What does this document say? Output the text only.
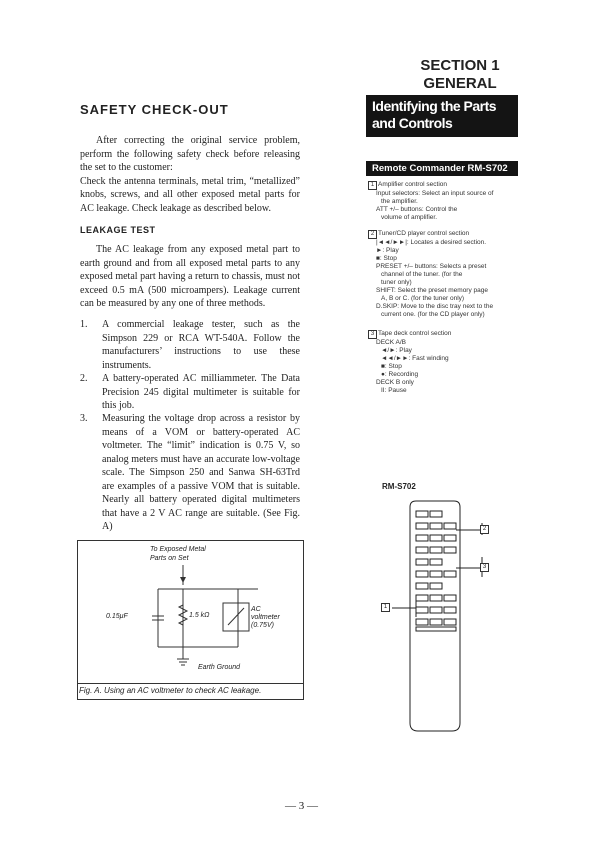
SECTION 1
GENERAL
SAFETY CHECK-OUT

After correcting the original service problem, perform the following safety check before releasing the set to the customer:

Check the antenna terminals, metal trim, “metallized” knobs, screws, and all other exposed metal parts for AC leakage. Check leakage as described below.

LEAKAGE TEST
The AC leakage from any exposed metal part to earth ground and from all exposed metal parts to any exposed metal part having a return to chassis, must not exceed 0.5 mA (500 microampers). Leakage current can be measured by any one of three methods.
1. A commercial leakage tester, such as the Simpson 229 or RCA WT-540A. Follow the manufacturers’ instructions to use these instruments.
2. A battery-operated AC milliammeter. The Data Precision 245 digital multimeter is suitable for this job.
3. Measuring the voltage drop across a resistor by means of a VOM or battery-operated AC voltmeter. The “limit” indication is 0.75 V, so analog meters must have an accurate low-voltage scale. The Simpson 250 and Sanwa SH-63Trd are examples of a passive VOM that is suitable. Nearly all battery operated digital multimeters that have a 2 V AC range are suitable. (See Fig. A)
To Exposed Metal
Parts on Set
0.15μF	1.5 kΩ
AC
voltmeter
(0.75V)
Earth Ground
Fig. A. Using an AC voltmeter to check AC leakage.
Identifying the Parts
and Controls
Remote Commander RM-S702
1 Amplifier control section
Input selectors: Select an input source of
the amplifier.
ATT +/– buttons: Control the
volume of amplifier.
2 Tuner/CD player control section
|◄◄/►►|: Locates a desired section.
►: Play
■: Stop
PRESET +/– buttons: Selects a preset
channel of the tuner. (for the
tuner only)
SHIFT: Select the preset memory page
A, B or C. (for the tuner only)
D.SKIP: Move to the disc tray next to the
current one. (for the CD player only)
3 Tape deck control section
DECK A/B
◄/►: Play
◄◄/►►: Fast winding
■: Stop
●: Recording
DECK B only
II: Pause
RM-S702
2
3
1
— 3 —
